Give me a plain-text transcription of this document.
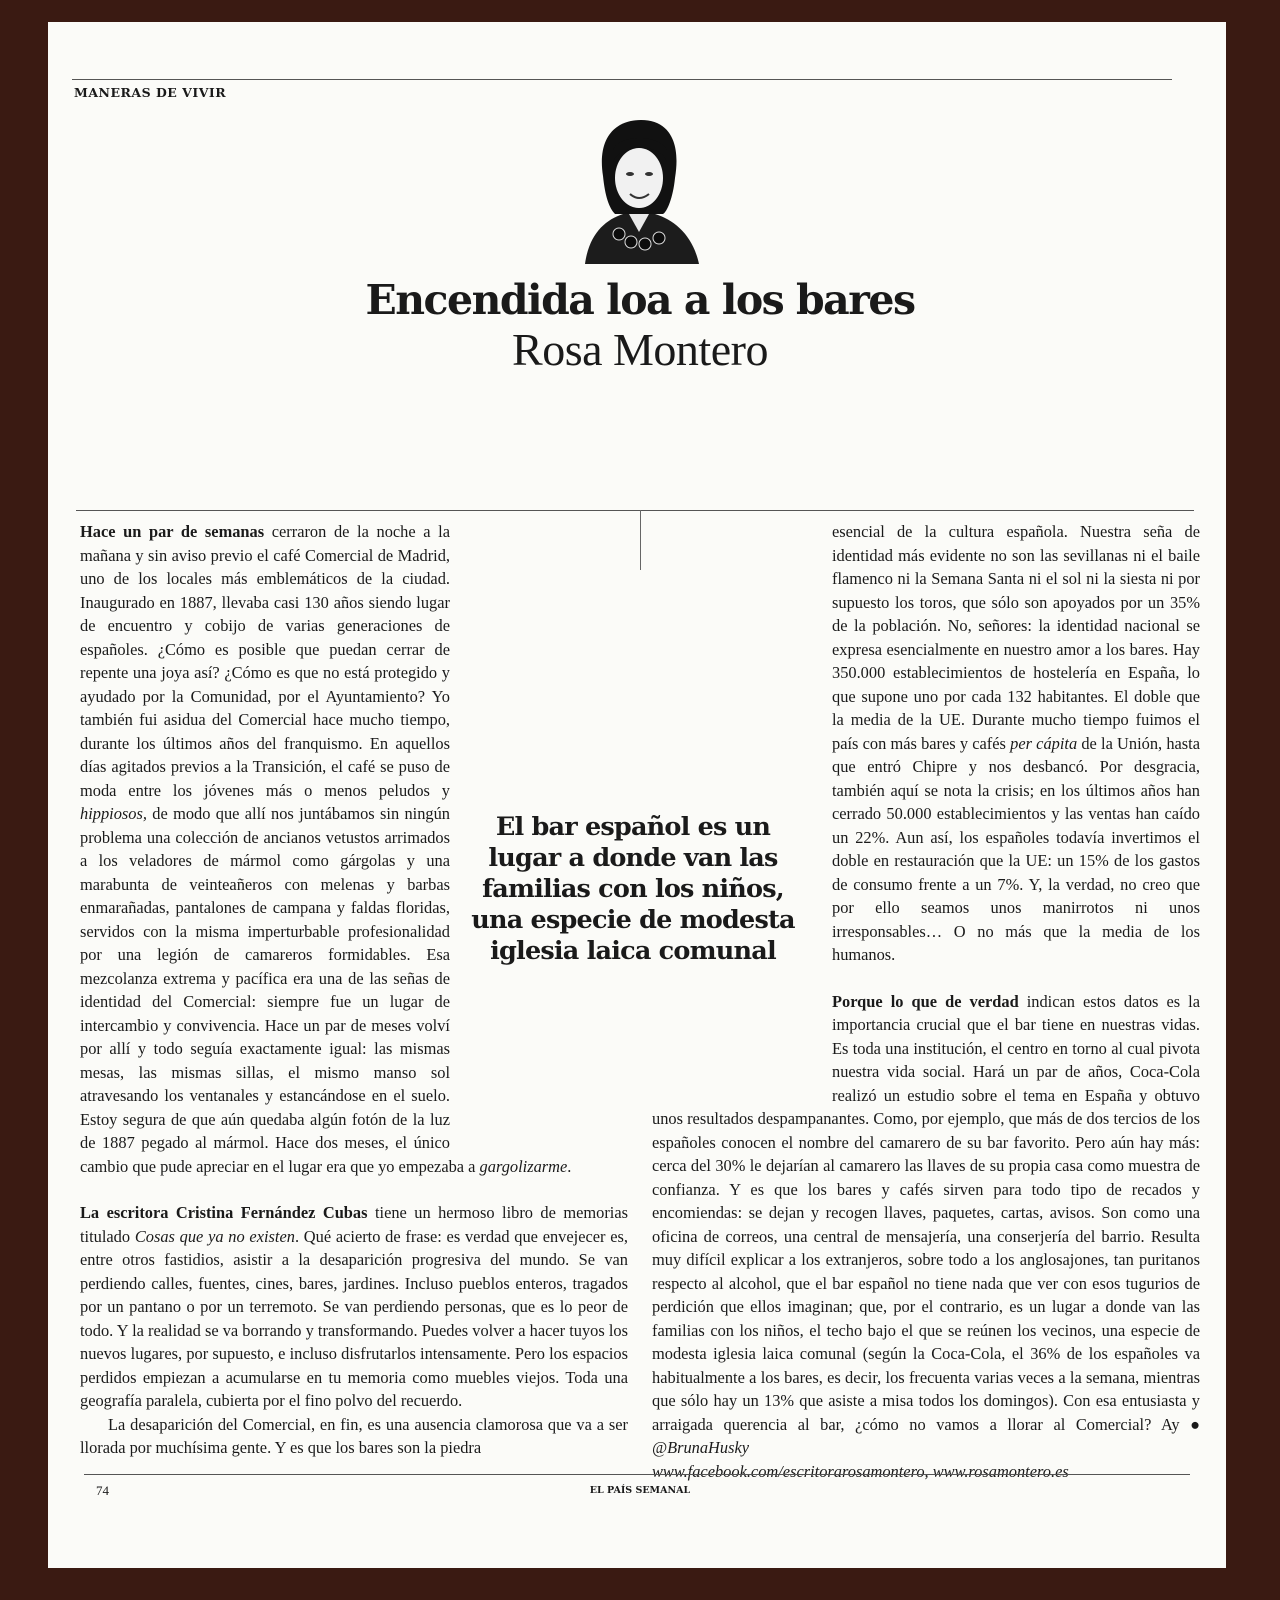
MANERAS DE VIVIR
Encendida loa a los bares
Rosa Montero

Hace un par de semanas cerraron de la noche a la mañana y sin aviso previo el café Comercial de Madrid, uno de los locales más emblemáticos de la ciudad. Inaugurado en 1887, llevaba casi 130 años siendo lugar de encuentro y cobijo de varias generaciones de españoles. ¿Cómo es posible que puedan cerrar de repente una joya así? ¿Cómo es que no está protegido y ayudado por la Comunidad, por el Ayuntamiento? Yo también fui asidua del Comercial hace mucho tiempo, durante los últimos años del franquismo. En aquellos días agitados previos a la Transición, el café se puso de moda entre los jóvenes más o menos peludos y hippiosos, de modo que allí nos juntábamos sin ningún problema una colección de ancianos vetustos arrimados a los veladores de mármol como gárgolas y una marabunta de veinteañeros con melenas y barbas enmarañadas, pantalones de campana y faldas floridas, servidos con la misma imperturbable profesionalidad por una legión de camareros formidables. Esa mezcolanza extrema y pacífica era una de las señas de identidad del Comercial: siempre fue un lugar de intercambio y convivencia. Hace un par de meses volví por allí y todo seguía exactamente igual: las mismas mesas, las mismas sillas, el mismo manso sol atravesando los ventanales y estancándose en el suelo. Estoy segura de que aún quedaba algún fotón de la luz de 1887 pegado al mármol. Hace dos meses, el único cambio que pude apreciar en el lugar era que yo empezaba a gargolizarme.

La escritora Cristina Fernández Cubas tiene un hermoso libro de memorias titulado Cosas que ya no existen. Qué acierto de frase: es verdad que envejecer es, entre otros fastidios, asistir a la desaparición progresiva del mundo. Se van perdiendo calles, fuentes, cines, bares, jardines. Incluso pueblos enteros, tragados por un pantano o por un terremoto. Se van perdiendo personas, que es lo peor de todo. Y la realidad se va borrando y transformando. Puedes volver a hacer tuyos los nuevos lugares, por supuesto, e incluso disfrutarlos intensamente. Pero los espacios perdidos empiezan a acumularse en tu memoria como muebles viejos. Toda una geografía paralela, cubierta por el fino polvo del recuerdo.

La desaparición del Comercial, en fin, es una ausencia clamorosa que va a ser llorada por muchísima gente. Y es que los bares son la piedra

esencial de la cultura española. Nuestra seña de identidad más evidente no son las sevillanas ni el baile flamenco ni la Semana Santa ni el sol ni la siesta ni por supuesto los toros, que sólo son apoyados por un 35% de la población. No, señores: la identidad nacional se expresa esencialmente en nuestro amor a los bares. Hay 350.000 establecimientos de hostelería en España, lo que supone uno por cada 132 habitantes. El doble que la media de la UE. Durante mucho tiempo fuimos el país con más bares y cafés per cápita de la Unión, hasta que entró Chipre y nos desbancó. Por desgracia, también aquí se nota la crisis; en los últimos años han cerrado 50.000 establecimientos y las ventas han caído un 22%. Aun así, los españoles todavía invertimos el doble en restauración que la UE: un 15% de los gastos de consumo frente a un 7%. Y, la verdad, no creo que por ello seamos unos manirrotos ni unos irresponsables… O no más que la media de los humanos.

Porque lo que de verdad indican estos datos es la importancia crucial que el bar tiene en nuestras vidas. Es toda una institución, el centro en torno al cual pivota nuestra vida social. Hará un par de años, Coca-Cola realizó un estudio sobre el tema en España y obtuvo unos resultados despampanantes. Como, por ejemplo, que más de dos tercios de los españoles conocen el nombre del camarero de su bar favorito. Pero aún hay más: cerca del 30% le dejarían al camarero las llaves de su propia casa como muestra de confianza. Y es que los bares y cafés sirven para todo tipo de recados y encomiendas: se dejan y recogen llaves, paquetes, cartas, avisos. Son como una oficina de correos, una central de mensajería, una conserjería del barrio. Resulta muy difícil explicar a los extranjeros, sobre todo a los anglosajones, tan puritanos respecto al alcohol, que el bar español no tiene nada que ver con esos tugurios de perdición que ellos imaginan; que, por el contrario, es un lugar a donde van las familias con los niños, el techo bajo el que se reúnen los vecinos, una especie de modesta iglesia laica comunal (según la Coca-Cola, el 36% de los españoles va habitualmente a los bares, es decir, los frecuenta varias veces a la semana, mientras que sólo hay un 13% que asiste a misa todos los domingos). Con esa entusiasta y arraigada querencia al bar, ¿cómo no vamos a llorar al Comercial? Ay ● @BrunaHusky

www.facebook.com/escritorarosamontero, www.rosamontero.es

El bar español es un lugar a donde van las familias con los niños, una especie de modesta iglesia laica comunal
74	EL PAÍS SEMANAL
